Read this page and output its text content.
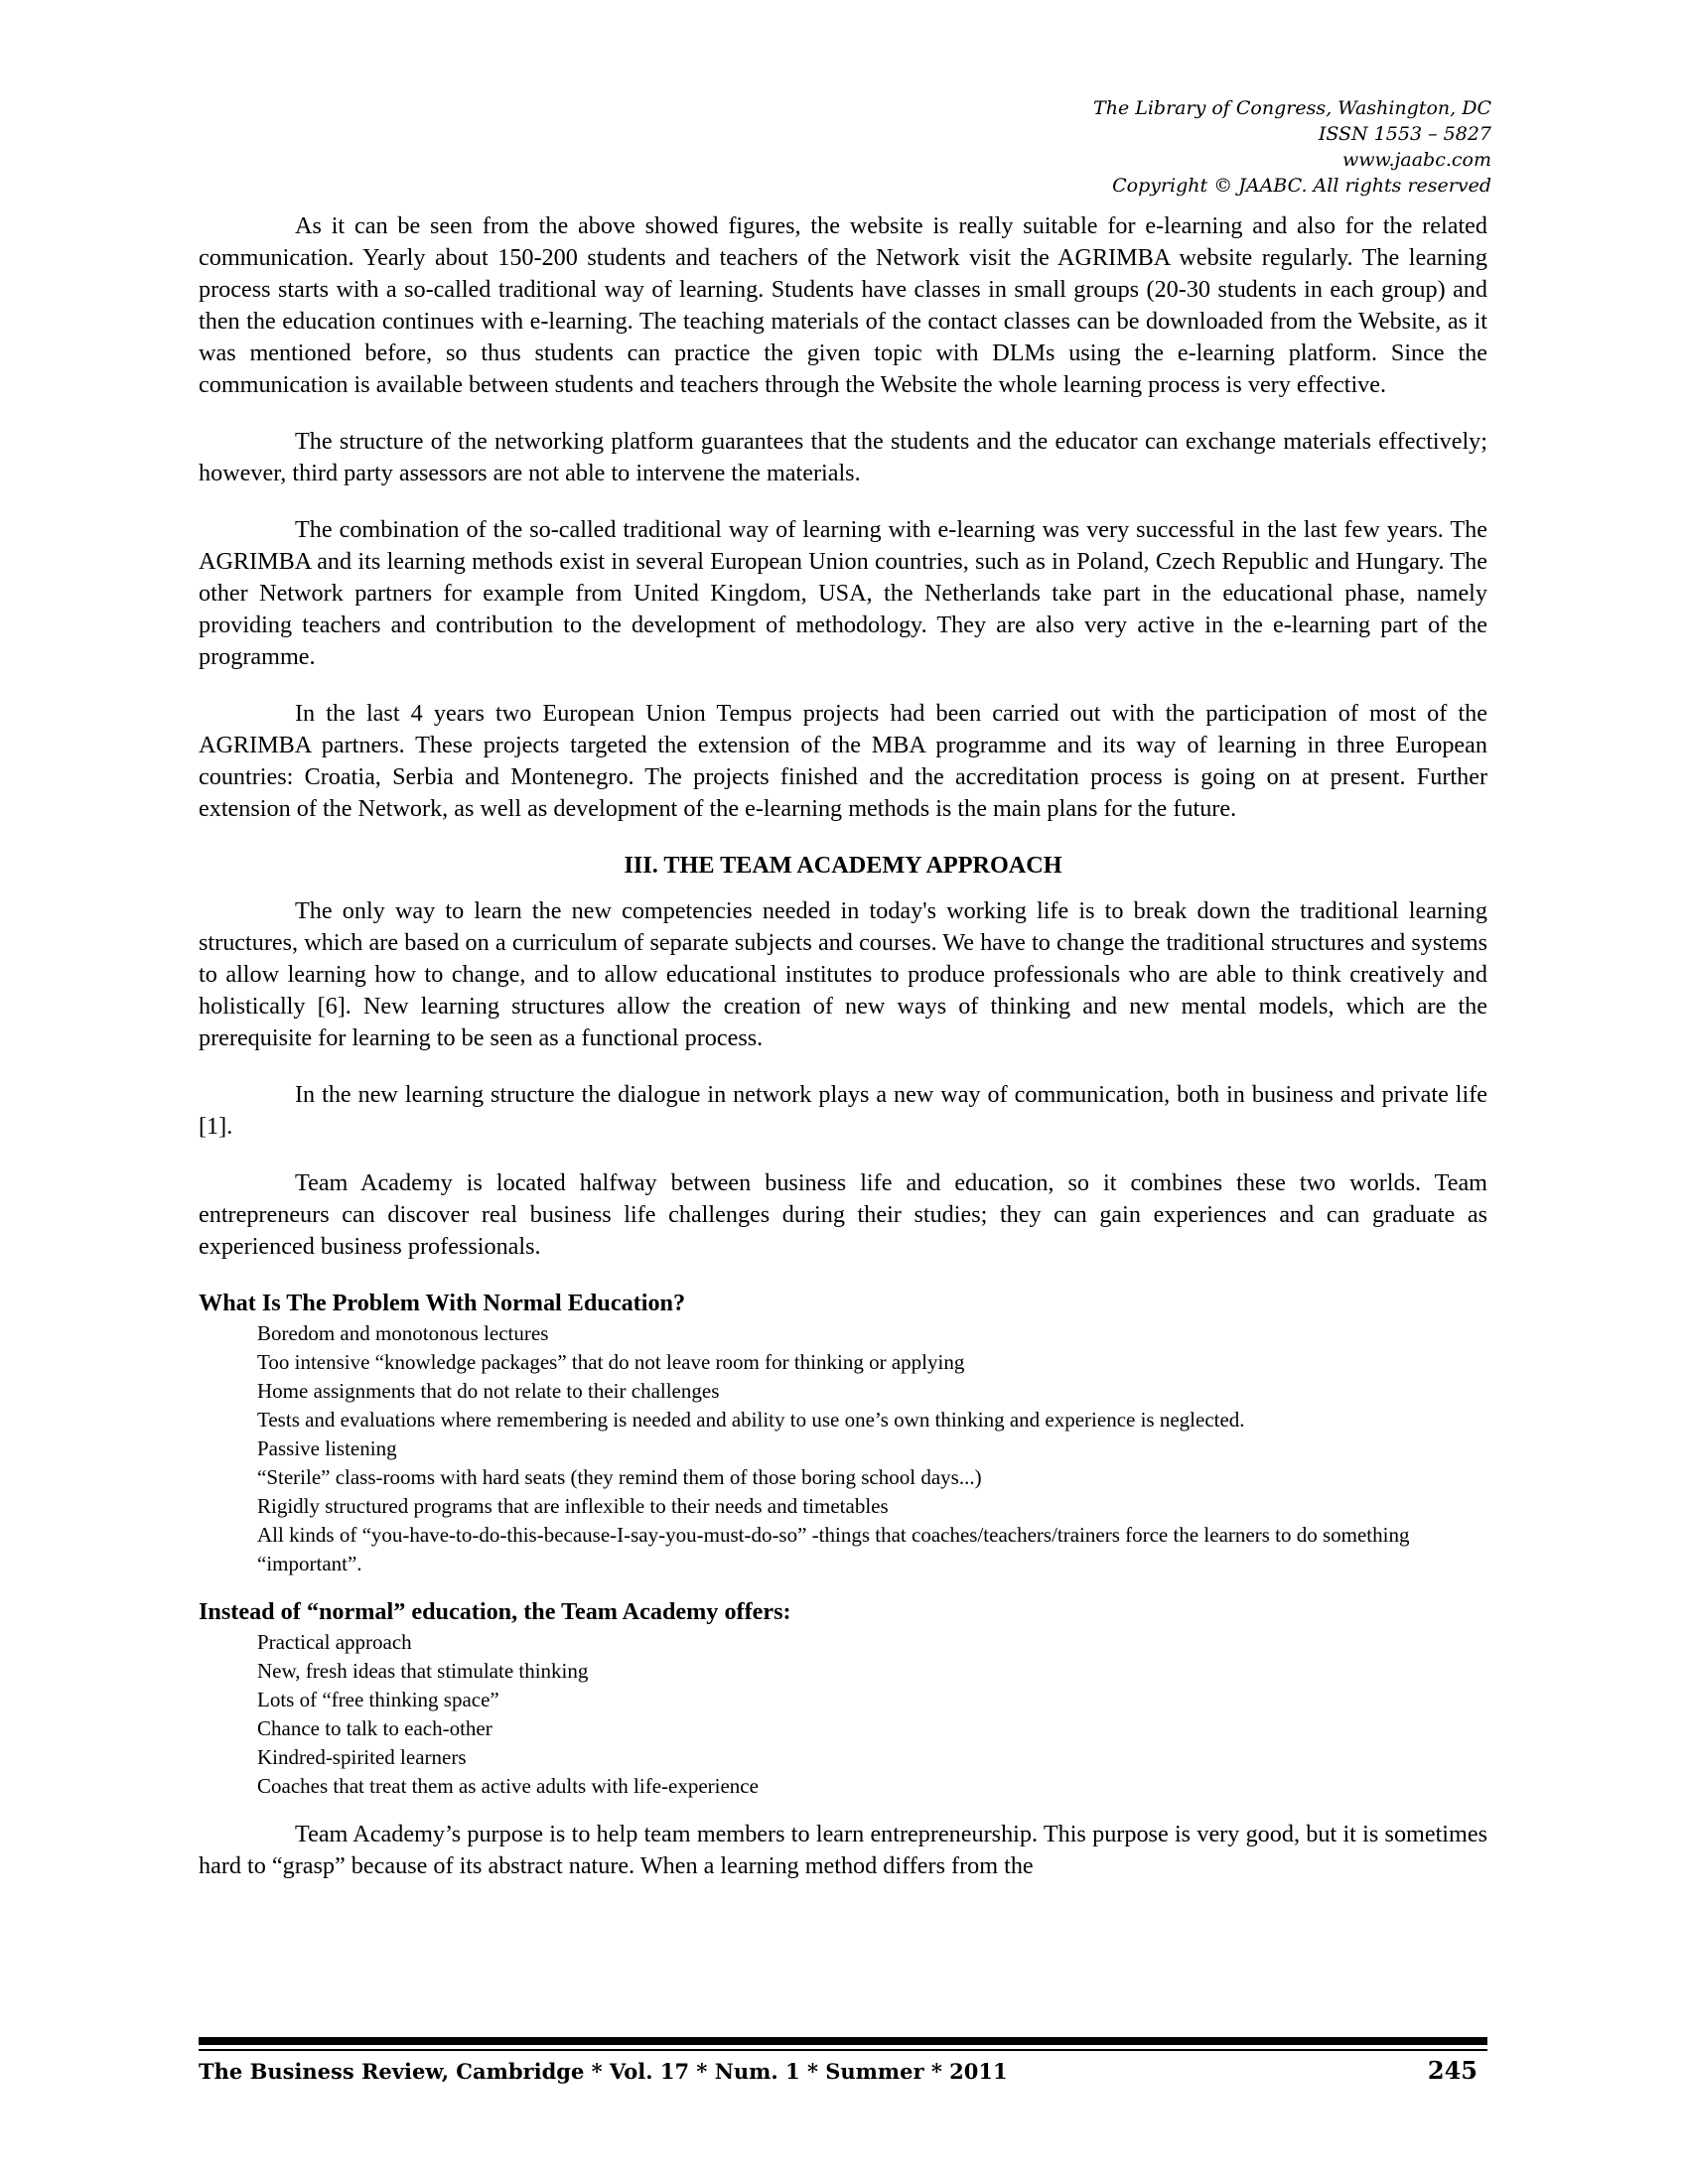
The Library of Congress, Washington, DC
ISSN 1553 – 5827
www.jaabc.com
Copyright © JAABC. All rights reserved

As it can be seen from the above showed figures, the website is really suitable for e-learning and also for the related communication. Yearly about 150-200 students and teachers of the Network visit the AGRIMBA website regularly. The learning process starts with a so-called traditional way of learning. Students have classes in small groups (20-30 students in each group) and then the education continues with e-learning. The teaching materials of the contact classes can be downloaded from the Website, as it was mentioned before, so thus students can practice the given topic with DLMs using the e-learning platform. Since the communication is available between students and teachers through the Website the whole learning process is very effective.

The structure of the networking platform guarantees that the students and the educator can exchange materials effectively; however, third party assessors are not able to intervene the materials.

The combination of the so-called traditional way of learning with e-learning was very successful in the last few years. The AGRIMBA and its learning methods exist in several European Union countries, such as in Poland, Czech Republic and Hungary. The other Network partners for example from United Kingdom, USA, the Netherlands take part in the educational phase, namely providing teachers and contribution to the development of methodology. They are also very active in the e-learning part of the programme.

In the last 4 years two European Union Tempus projects had been carried out with the participation of most of the AGRIMBA partners. These projects targeted the extension of the MBA programme and its way of learning in three European countries: Croatia, Serbia and Montenegro. The projects finished and the accreditation process is going on at present. Further extension of the Network, as well as development of the e-learning methods is the main plans for the future.

III. THE TEAM ACADEMY APPROACH

The only way to learn the new competencies needed in today's working life is to break down the traditional learning structures, which are based on a curriculum of separate subjects and courses. We have to change the traditional structures and systems to allow learning how to change, and to allow educational institutes to produce professionals who are able to think creatively and holistically [6]. New learning structures allow the creation of new ways of thinking and new mental models, which are the prerequisite for learning to be seen as a functional process.

In the new learning structure the dialogue in network plays a new way of communication, both in business and private life [1].

Team Academy is located halfway between business life and education, so it combines these two worlds. Team entrepreneurs can discover real business life challenges during their studies; they can gain experiences and can graduate as experienced business professionals.

What Is The Problem With Normal Education?
Boredom and monotonous lectures
Too intensive “knowledge packages” that do not leave room for thinking or applying
Home assignments that do not relate to their challenges
Tests and evaluations where remembering is needed and ability to use one’s own thinking and experience is neglected.
Passive listening
“Sterile” class-rooms with hard seats (they remind them of those boring school days...)
Rigidly structured programs that are inflexible to their needs and timetables
All kinds of “you-have-to-do-this-because-I-say-you-must-do-so” -things that coaches/teachers/trainers force the learners to do something “important”.
Instead of “normal” education, the Team Academy offers:
Practical approach
New, fresh ideas that stimulate thinking
Lots of “free thinking space”
Chance to talk to each-other
Kindred-spirited learners
Coaches that treat them as active adults with life-experience

Team Academy’s purpose is to help team members to learn entrepreneurship. This purpose is very good, but it is sometimes hard to “grasp” because of its abstract nature. When a learning method differs from the

The Business Review, Cambridge * Vol. 17 * Num. 1 * Summer * 2011	245
